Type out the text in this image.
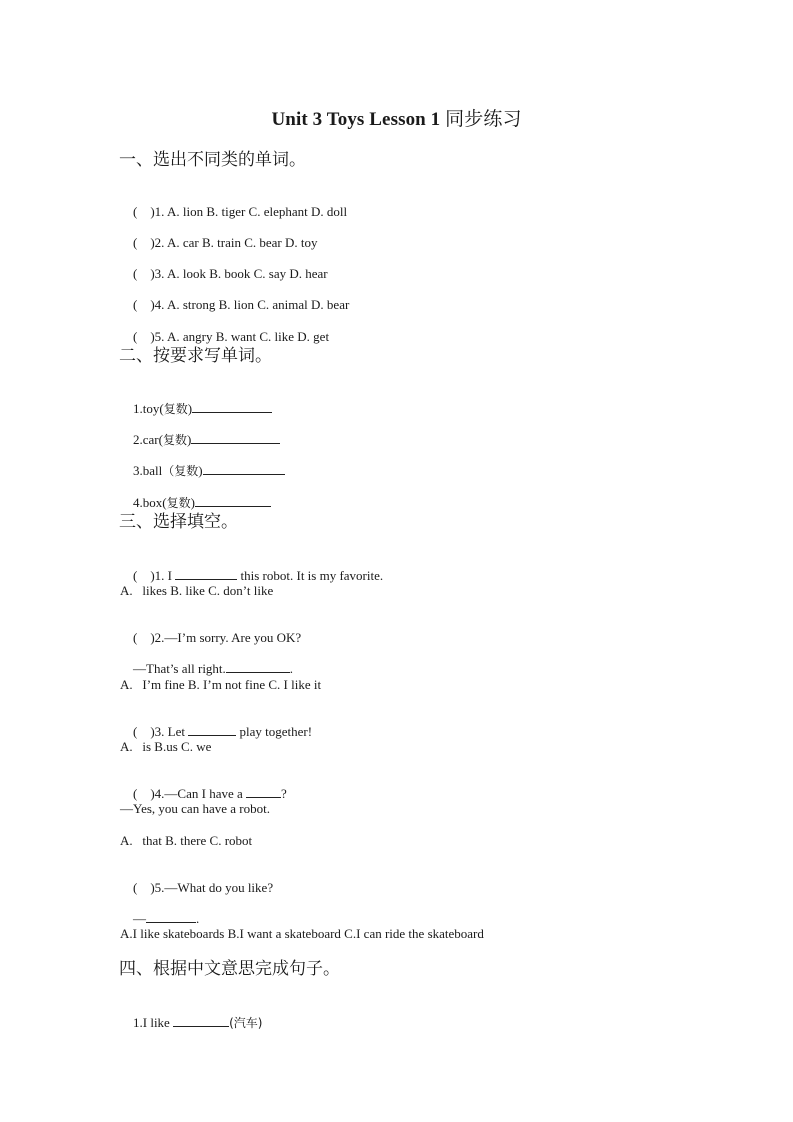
Unit 3 Toys Lesson 1 同步练习
一、选出不同类的单词。

(    )1. A. lion B. tiger C. elephant D. doll

(    )2. A. car B. train C. bear D. toy

(    )3. A. look B. book C. say D. hear

(    )4. A. strong B. lion C. animal D. bear

(    )5. A. angry B. want C. like D. get

二、按要求写单词。

1.toy(复数)

2.car(复数)

3.ball（复数)

4.box(复数)

三、选择填空。

(    )1. I	this robot. It is my favorite.

A.   likes B. like C. don’t like

(    )2.—I’m sorry. Are you OK?

—That’s all right.	.

A.   I’m fine B. I’m not fine C. I like it

(    )3. Let	play together!

A.   is B.us C. we

(    )4.—Can I have a	?

—Yes, you can have a robot.
A.   that B. there C. robot

(    )5.—What do you like?

—	.

A.I like skateboards B.I want a skateboard C.I can ride the skateboard
四、根据中文意思完成句子。

1.I like	(汽车)
